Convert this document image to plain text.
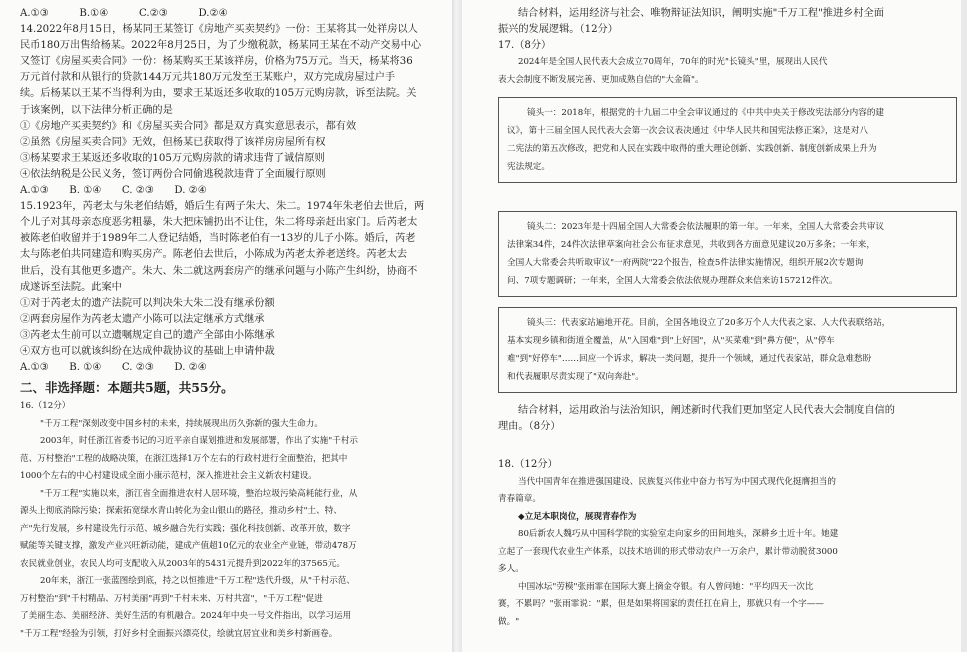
A.①③　　　B.①④　　　C.②③　　　D.②④
14.2022年8月15日，杨某同王某签订《房地产买卖契约》一份：王某将其一处祥房以人
民币180万出售给杨某。2022年8月25日，为了少缴税款，杨某同王某在不动产交易中心
又签订《房屋买卖合同》一份：杨某购买王某该祥房，价格为75万元。当天，杨某将36
万元首付款和从银行的贷款144万元共180万元发至王某账户，双方完成房屋过户手
续。后杨某以王某不当得利为由，要求王某返还多收取的105万元购房款，诉至法院。关
于该案例，以下法律分析正确的是
①《房地产买卖契约》和《房屋买卖合同》都是双方真实意思表示，都有效
②虽然《房屋买卖合同》无效，但杨某已获取得了该祥房房屋所有权
③杨某要求王某返还多收取的105万元购房款的请求违背了诚信原则
④依法纳税是公民义务，签订两份合同偷逃税款违背了全面履行原则
A.①③　　B. ①④　　C. ②③　　D. ②④
15.1923年，芮老太与朱老伯结婚，婚后生有两子朱大、朱二。1974年朱老伯去世后，两
个儿子对其母亲态度恶劣粗暴，朱大把床铺扔出不让住，朱二将母亲赶出家门。后芮老太
被陈老伯收留并于1989年二人登记结婚，当时陈老伯有一13岁的儿子小陈。婚后，芮老
太与陈老伯共同建造和购买房产。陈老伯去世后，小陈成为芮老太养老送终。芮老太去
世后，没有其他更多遗产。朱大、朱二就这两套房产的继承问题与小陈产生纠纷，协商不
成遂诉至法院。此案中
①对于芮老太的遗产法院可以判决朱大朱二没有继承份额
②两套房屋作为芮老太遗产小陈可以法定继承方式继承
③芮老太生前可以立遗嘱规定自己的遗产全部由小陈继承
④双方也可以就该纠纷在达成仲裁协议的基础上申请仲裁
A.①③　　B. ①④　　C. ②③　　D. ②④
二、非选择题：本题共5题，共55分。
16.（12分）
"千万工程"深刻改变中国乡村的未来，持续展现出历久弥新的强大生命力。
2003年，时任浙江省委书记的习近平亲自谋划推进和发展部署，作出了实施"千村示
范、万村整治"工程的战略决策，在浙江选择1万个左右的行政村进行全面整治，把其中
1000个左右的中心村建设成全面小康示范村，深入推进社会主义新农村建设。
"千万工程"实施以来，浙江省全面推进农村人居环境，整治垃圾污染高耗能行业，从
源头上彻底消除污染；探索拓宽绿水青山转化为金山银山的路径，推动乡村"土、特、
产"先行发展，乡村建设先行示范、城乡融合先行实践；强化科技创新、改革开放，数字
赋能等关键支撑，激发产业兴旺新动能，建成产值超10亿元的农业全产业链，带动478万
农民就业创业，农民人均可支配收入从2003年的5431元提升到2022年的37565元。
20年来，浙江一张蓝图绘到底，持之以恒推进"千万工程"迭代升级，从"千村示范、
万村整治"到"千村精品、万村美丽"再到"千村未来、万村共富"，"千万工程"促进
了美丽生态、美丽经济、美好生活的有机融合。2024年中央一号文件指出，以学习运用
"千万工程"经验为引领，打好乡村全面振兴漂亮仗，绘就宜居宜业和美乡村新画卷。
结合材料，运用经济与社会、唯物辩证法知识，阐明实施"千万工程"推进乡村全面
振兴的发展逻辑。（12分）
17.（8分）
2024年是全国人民代表大会成立70周年，70年的时光"长镜头"里，展现出人民代
表大会制度不断发展完善、更加成熟自信的"大金篇"。
镜头一：2018年，根据党的十九届二中全会审议通过的《中共中央关于修改宪法部分内容的建
议》，第十三届全国人民代表大会第一次会议表决通过《中华人民共和国宪法修正案》，这是对八
二宪法的第五次修改，把党和人民在实践中取得的重大理论创新、实践创新、制度创新成果上升为
宪法规定。
镜头二：2023年是十四届全国人大常委会依法履职的第一年。一年来，全国人大常委会共审议
法律案34件，24件次法律草案向社会公布征求意见，共收到各方面意见建议20万多条；一年来，
全国人大常委会共听取审议"一府两院"22个报告，检查5件法律实施情况，组织开展2次专题询
问、7项专题调研；一年来，全国人大常委会依法依规办理群众来信来访157212件次。
镜头三：代表家站遍地开花。目前，全国各地设立了20多万个人大代表之家、人大代表联络站，
基本实现乡镇和街道全覆盖，从"入国难"到"上好国"，从"买菜难"到"鼻方便"，从"停车
难"到"好停车"……回应一个诉求，解决一类问题，提升一个领域，通过代表家站，群众急难愁盼
和代表履职尽责实现了"双向奔赴"。
结合材料，运用政治与法治知识，阐述新时代我们更加坚定人民代表大会制度自信的
理由。（8分）
18.（12分）
当代中国青年在推进强国建设、民族复兴伟业中奋力书写为中国式现代化挺膺担当的
青春篇章。
◆立足本职岗位，展现青春作为
80后新农人魏巧从中国科学院的实验室走向家乡的田间地头，深耕乡土近十年。她建
立起了一套现代农业生产体系，以技术培训的形式带动农户一万余户，累计带动脱贫3000
多人。
中国冰坛"劳模"张雨霏在国际大赛上摘金夺银。有人曾问她："平均四天一次比
赛，不累吗？"张雨霏说："累，但是如果将国家的责任扛在肩上，那就只有一个字——
做。"
